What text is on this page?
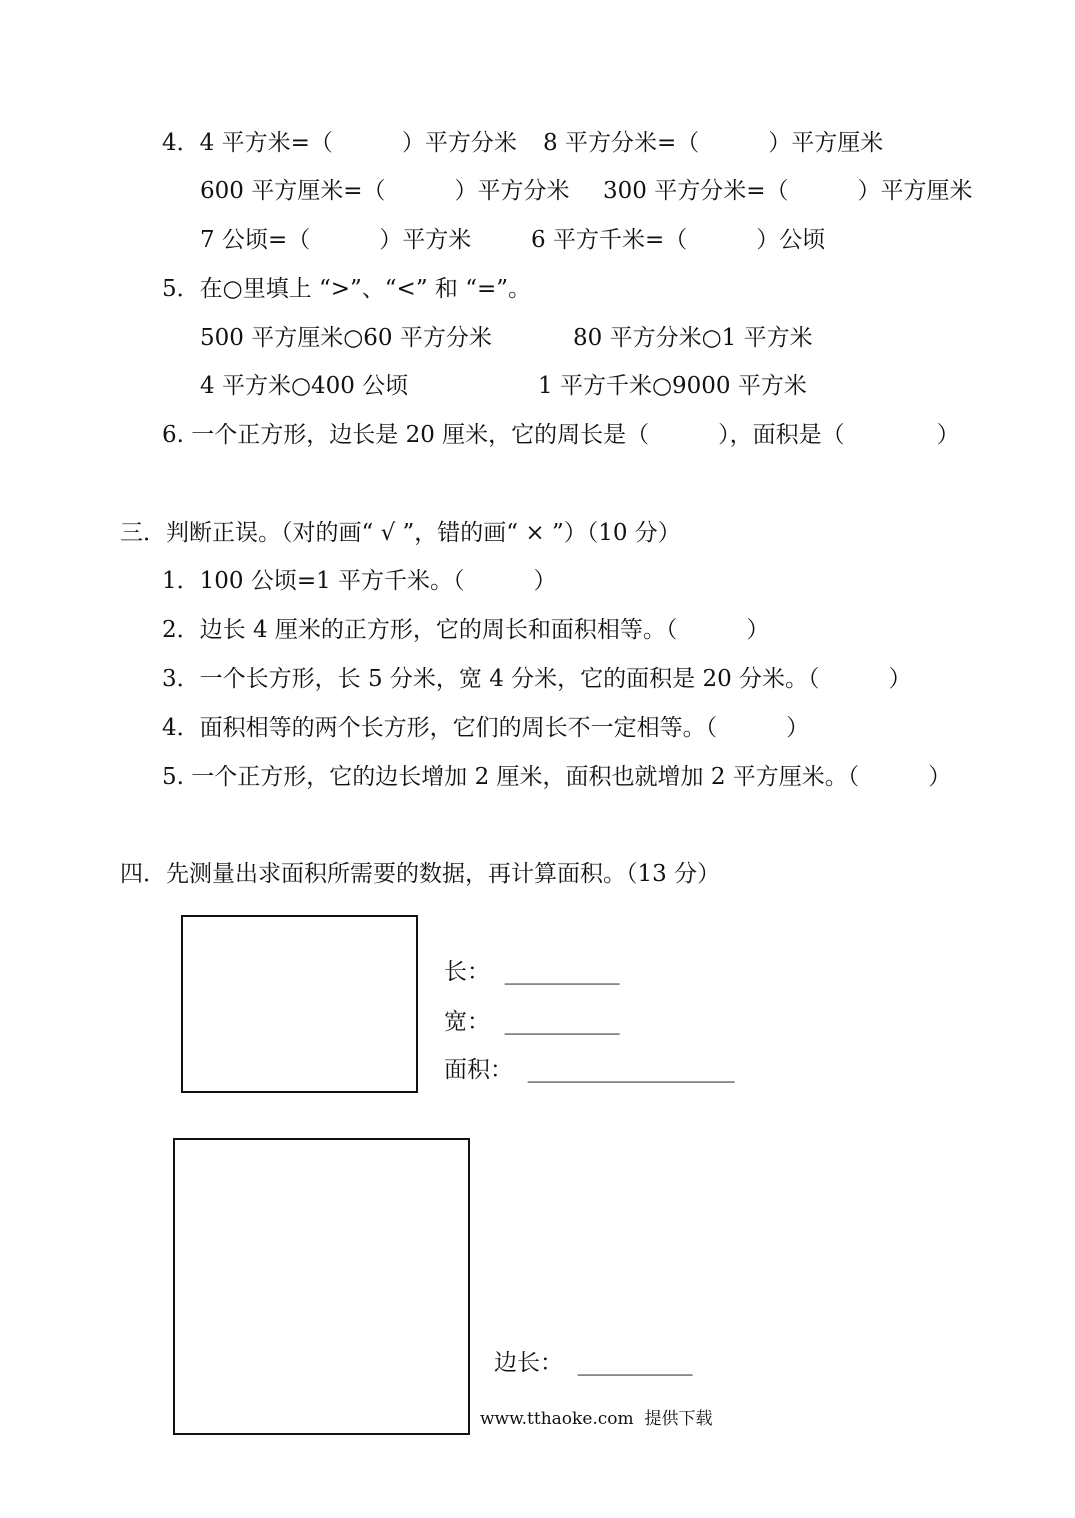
4．4 平方米=（　　　）平方分米 8 平方分米=（　　　）平方厘米
600 平方厘米=（　　　）平方分米 300 平方分米=（　　　）平方厘米
7 公顷=（　　　）平方米	6 平方千米=（　　　）公顷
5．在○里填上 “>”、“<” 和 “=”。
500 平方厘米○60 平方分米	80 平方分米○1 平方米
4 平方米○400 公顷	1 平方千米○9000 平方米
6. 一个正方形，边长是 20 厘米，它的周长是（　　　），面积是（　　　　）
三．判断正误。（对的画“ √ ”，错的画“ × ”）（10 分）
1．100 公顷=1 平方千米。（　　　）
2．边长 4 厘米的正方形，它的周长和面积相等。（　　　）
3．一个长方形，长 5 分米，宽 4 分米，它的面积是 20 分米。（　　　）
4．面积相等的两个长方形，它们的周长不一定相等。（　　　）
5. 一个正方形，它的边长增加 2 厘米，面积也就增加 2 平方厘米。（　　　）
四．先测量出求面积所需要的数据，再计算面积。（13 分）
长：  __________
宽：  __________
面积：  __________________
边长：  __________
www.tthaoke.com  提供下载
